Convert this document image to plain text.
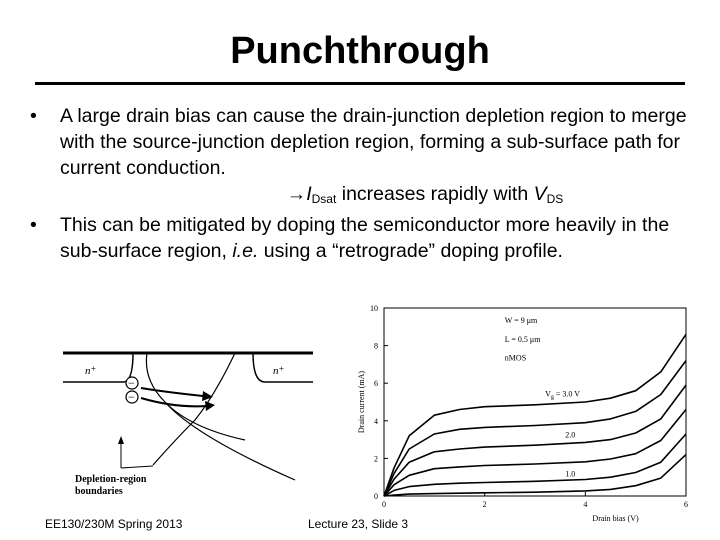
Punchthrough
• A large drain bias can cause the drain-junction depletion region to merge with the source-junction depletion region, forming a sub-surface path for current conduction.
$\to I_{Dsat}$ increases rapidly with $V_{DS}$
• This can be mitigated by doping the semiconductor more heavily in the sub-surface region, i.e. using a “retrograde” doping profile.
n⁺	n⁺
−
−
Depletion-region
boundaries	0
2
4
6
8
10
0	2	4	6
Drain bias (V)
Drain current (mA)
W = 9 μm
L = 0.5 μm
nMOS
$V_g = 3.0$ V
2.0
1.0
EE130/230M Spring 2013	Lecture 23, Slide 3
